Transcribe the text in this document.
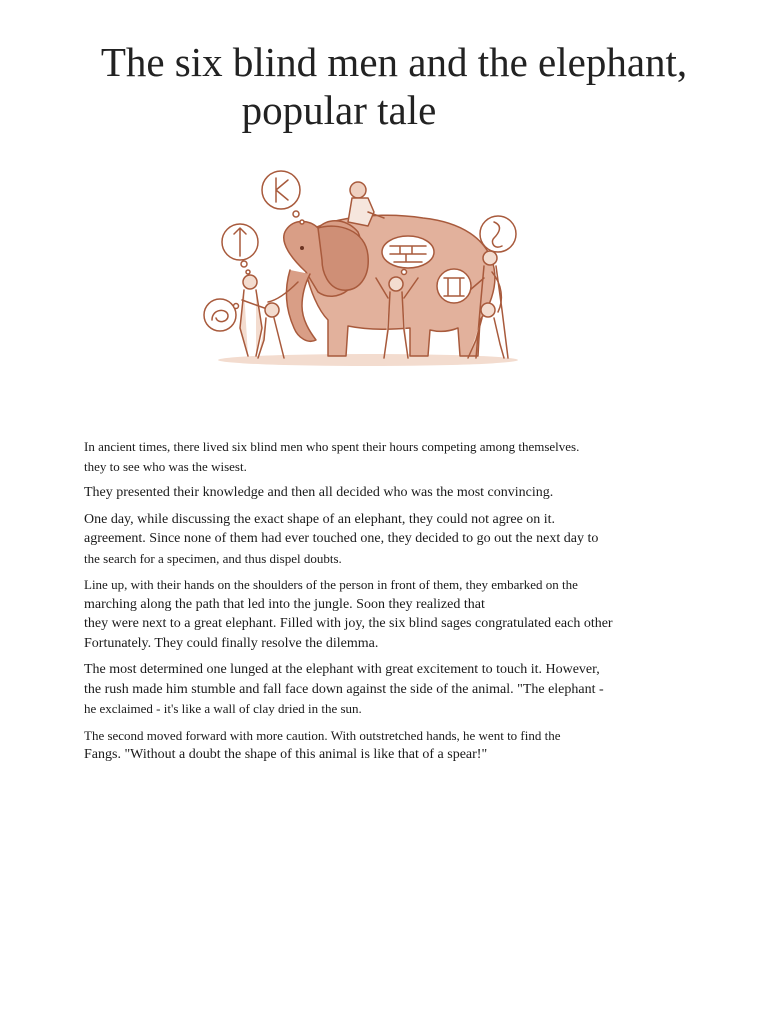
The six blind men and the elephant,
popular tale

In ancient times, there lived six blind men who spent their hours competing among themselves.
they to see who was the wisest.

They presented their knowledge and then all decided who was the most convincing.

One day, while discussing the exact shape of an elephant, they could not agree on it.
agreement. Since none of them had ever touched one, they decided to go out the next day to
the search for a specimen, and thus dispel doubts.

Line up, with their hands on the shoulders of the person in front of them, they embarked on the
marching along the path that led into the jungle. Soon they realized that
they were next to a great elephant. Filled with joy, the six blind sages congratulated each other
Fortunately. They could finally resolve the dilemma.

The most determined one lunged at the elephant with great excitement to touch it. However,
the rush made him stumble and fall face down against the side of the animal. "The elephant -
he exclaimed - it's like a wall of clay dried in the sun.

The second moved forward with more caution. With outstretched hands, he went to find the
Fangs. "Without a doubt the shape of this animal is like that of a spear!"
